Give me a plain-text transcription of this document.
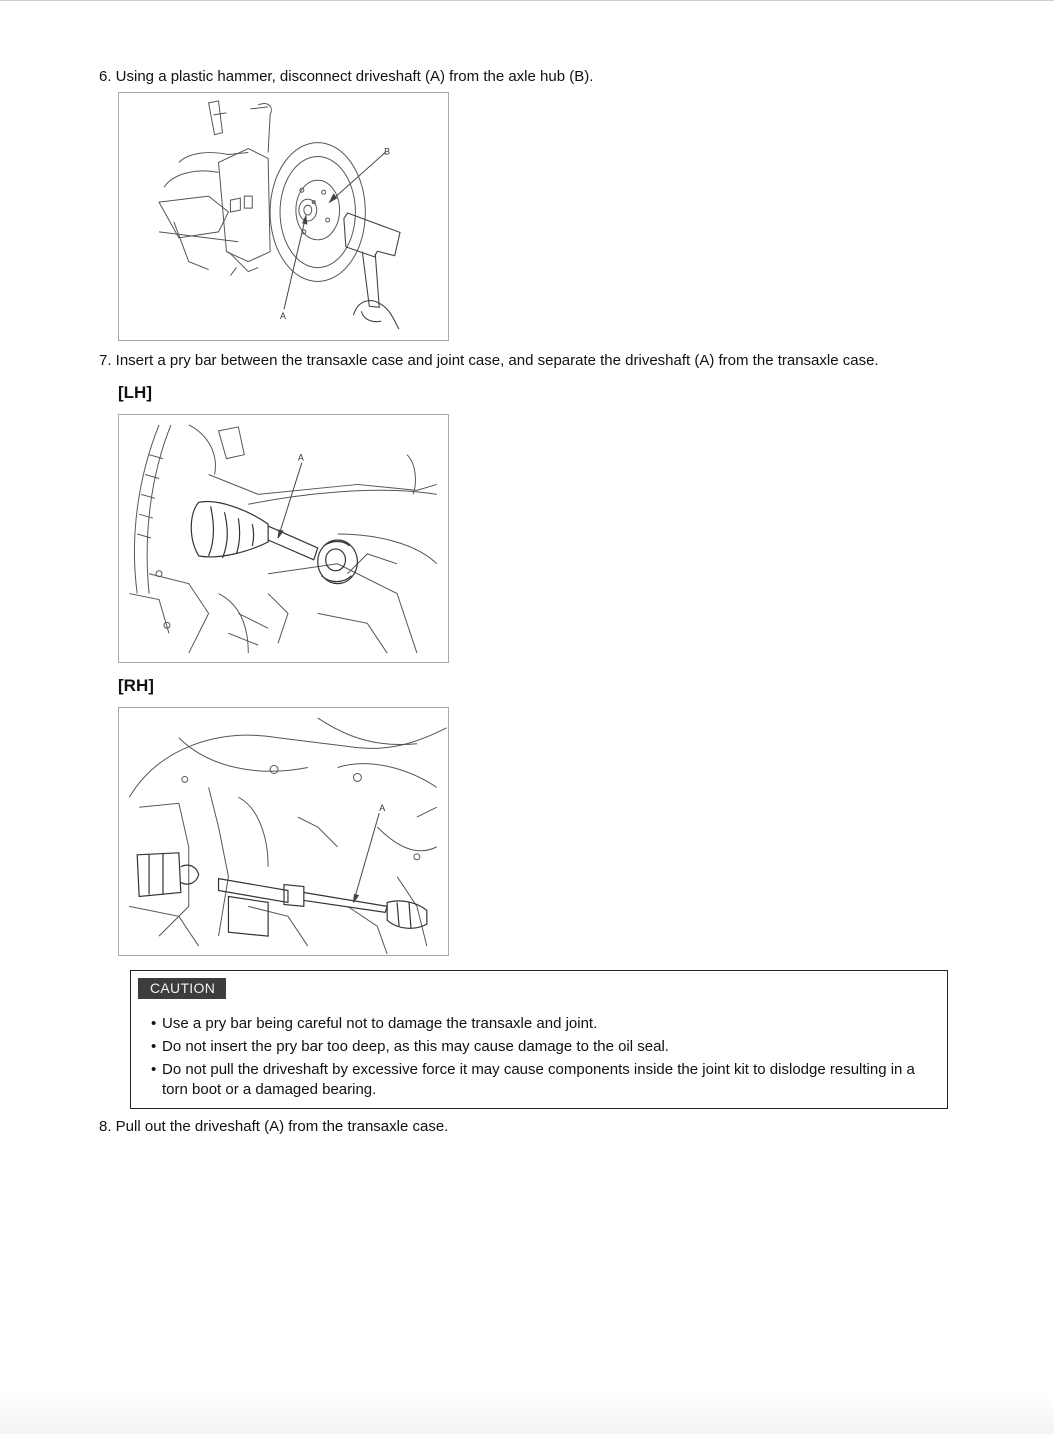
6. Using a plastic hammer, disconnect driveshaft (A) from the axle hub (B).
B
A
7. Insert a pry bar between the transaxle case and joint case, and separate the driveshaft (A) from the transaxle case.
[LH]
A
[RH]
A
CAUTION
• Use a pry bar being careful not to damage the transaxle and joint.
• Do not insert the pry bar too deep, as this may cause damage to the oil seal.
• Do not pull the driveshaft by excessive force it may cause components inside the joint kit to dislodge resulting in a torn boot or a damaged bearing.
8. Pull out the driveshaft (A) from the transaxle case.
